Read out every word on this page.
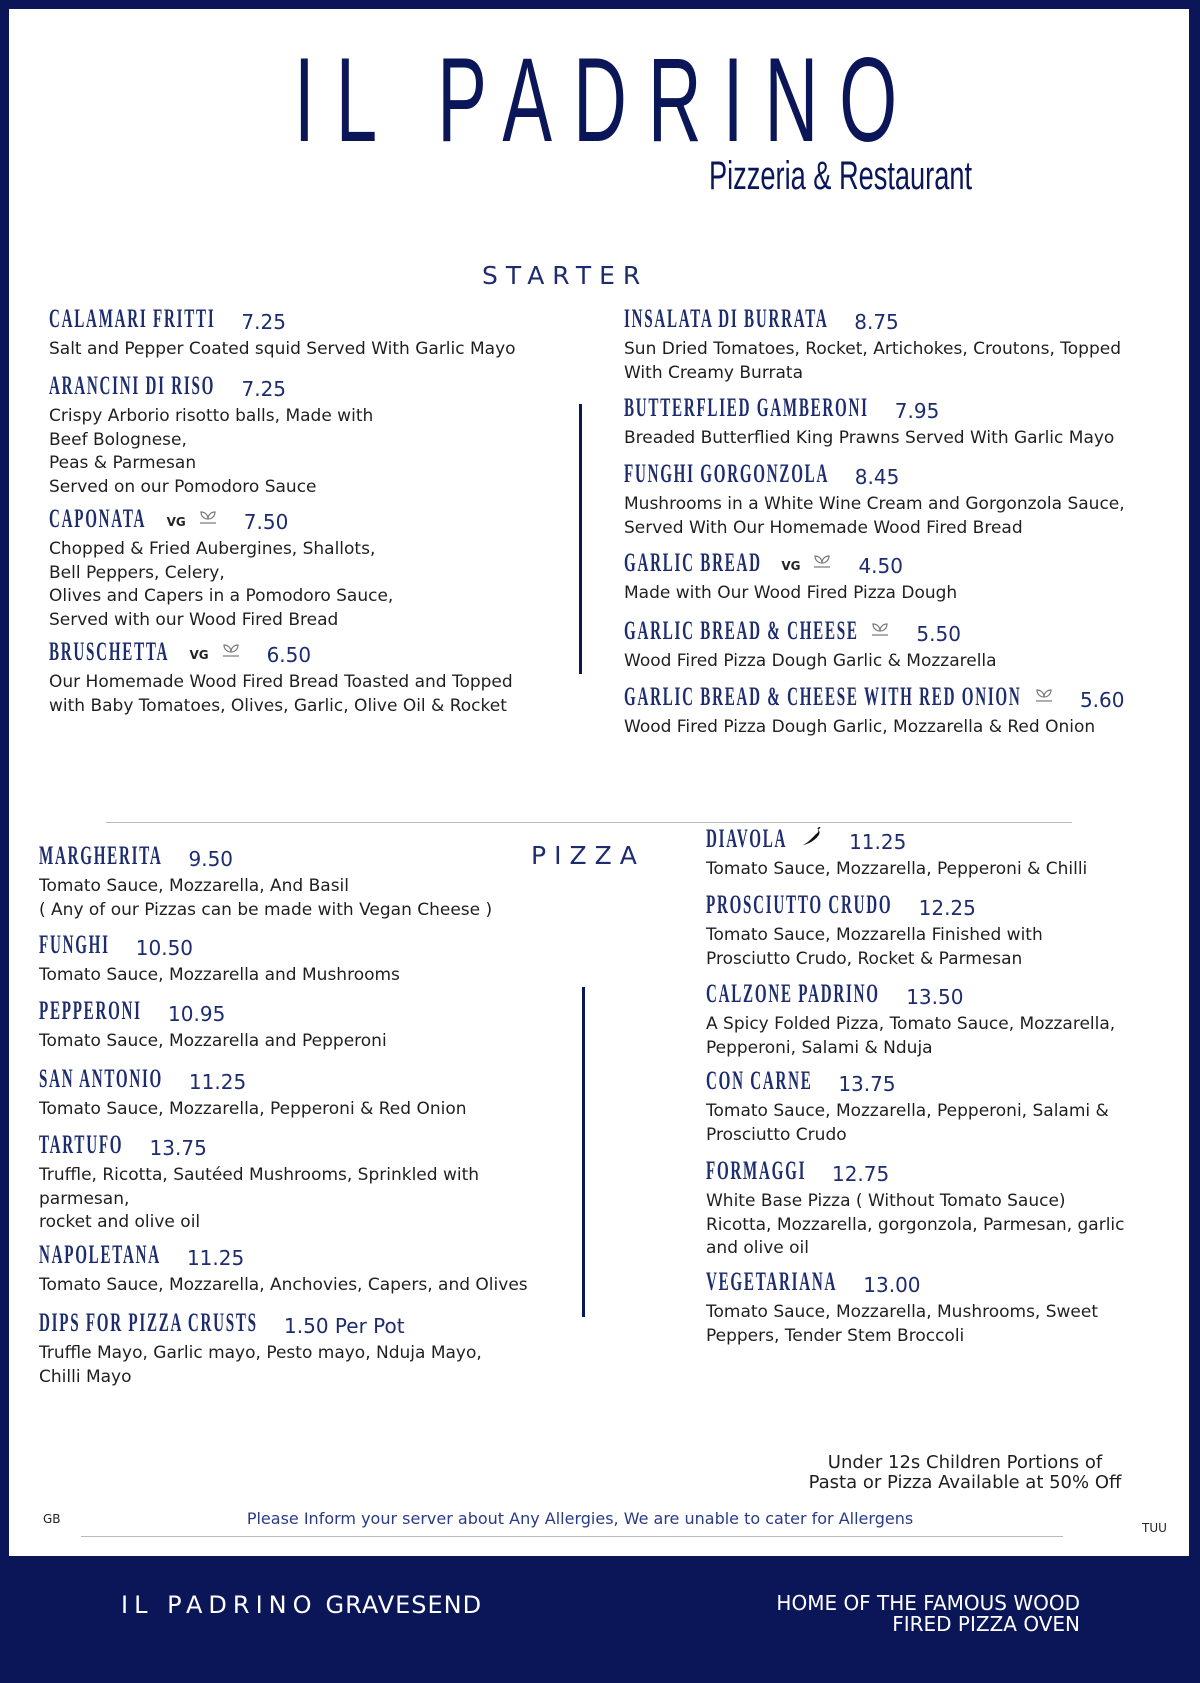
IL PADRINO
Pizzeria & Restaurant
STARTER
PIZZA
CALAMARI FRITTI 7.25
Salt and Pepper Coated squid Served With Garlic Mayo
ARANCINI DI RISO 7.25
Crispy Arborio risotto balls, Made with
Beef Bolognese,
Peas & Parmesan
Served on our Pomodoro Sauce
CAPONATA VG	7.50
Chopped & Fried Aubergines, Shallots,
Bell Peppers, Celery,
Olives and Capers in a Pomodoro Sauce,
Served with our Wood Fired Bread
BRUSCHETTA VG	6.50
Our Homemade Wood Fired Bread Toasted and Topped
with Baby Tomatoes, Olives, Garlic, Olive Oil & Rocket
INSALATA DI BURRATA 8.75
Sun Dried Tomatoes, Rocket, Artichokes, Croutons, Topped
With Creamy Burrata
BUTTERFLIED GAMBERONI 7.95
Breaded Butterflied King Prawns Served With Garlic Mayo
FUNGHI GORGONZOLA 8.45
Mushrooms in a White Wine Cream and Gorgonzola Sauce,
Served With Our Homemade Wood Fired Bread
GARLIC BREAD VG	4.50
Made with Our Wood Fired Pizza Dough
GARLIC BREAD & CHEESE	5.50
Wood Fired Pizza Dough Garlic & Mozzarella
GARLIC BREAD & CHEESE WITH RED ONION	5.60
Wood Fired Pizza Dough Garlic, Mozzarella & Red Onion
MARGHERITA 9.50
Tomato Sauce, Mozzarella, And Basil
( Any of our Pizzas can be made with Vegan Cheese )
FUNGHI 10.50
Tomato Sauce, Mozzarella and Mushrooms
PEPPERONI 10.95
Tomato Sauce, Mozzarella and Pepperoni
SAN ANTONIO 11.25
Tomato Sauce, Mozzarella, Pepperoni & Red Onion
TARTUFO 13.75
Truffle, Ricotta, Sautéed Mushrooms, Sprinkled with
parmesan,
rocket and olive oil
NAPOLETANA 11.25
Tomato Sauce, Mozzarella, Anchovies, Capers, and Olives
DIPS FOR PIZZA CRUSTS 1.50 Per Pot
Truffle Mayo, Garlic mayo, Pesto mayo, Nduja Mayo,
Chilli Mayo
DIAVOLA	11.25
Tomato Sauce, Mozzarella, Pepperoni & Chilli
PROSCIUTTO CRUDO 12.25
Tomato Sauce, Mozzarella Finished with
Prosciutto Crudo, Rocket & Parmesan
CALZONE PADRINO 13.50
A Spicy Folded Pizza, Tomato Sauce, Mozzarella,
Pepperoni, Salami & Nduja
CON CARNE 13.75
Tomato Sauce, Mozzarella, Pepperoni, Salami &
Prosciutto Crudo
FORMAGGI 12.75
White Base Pizza ( Without Tomato Sauce)
Ricotta, Mozzarella, gorgonzola, Parmesan, garlic
and olive oil
VEGETARIANA 13.00
Tomato Sauce, Mozzarella, Mushrooms, Sweet
Peppers, Tender Stem Broccoli
Under 12s Children Portions of
Pasta or Pizza Available at 50% Off
GB
TUU
Please Inform your server about Any Allergies, We are unable to cater for Allergens
IL PADRINO GRAVESEND	HOME OF THE FAMOUS WOOD
FIRED PIZZA OVEN
